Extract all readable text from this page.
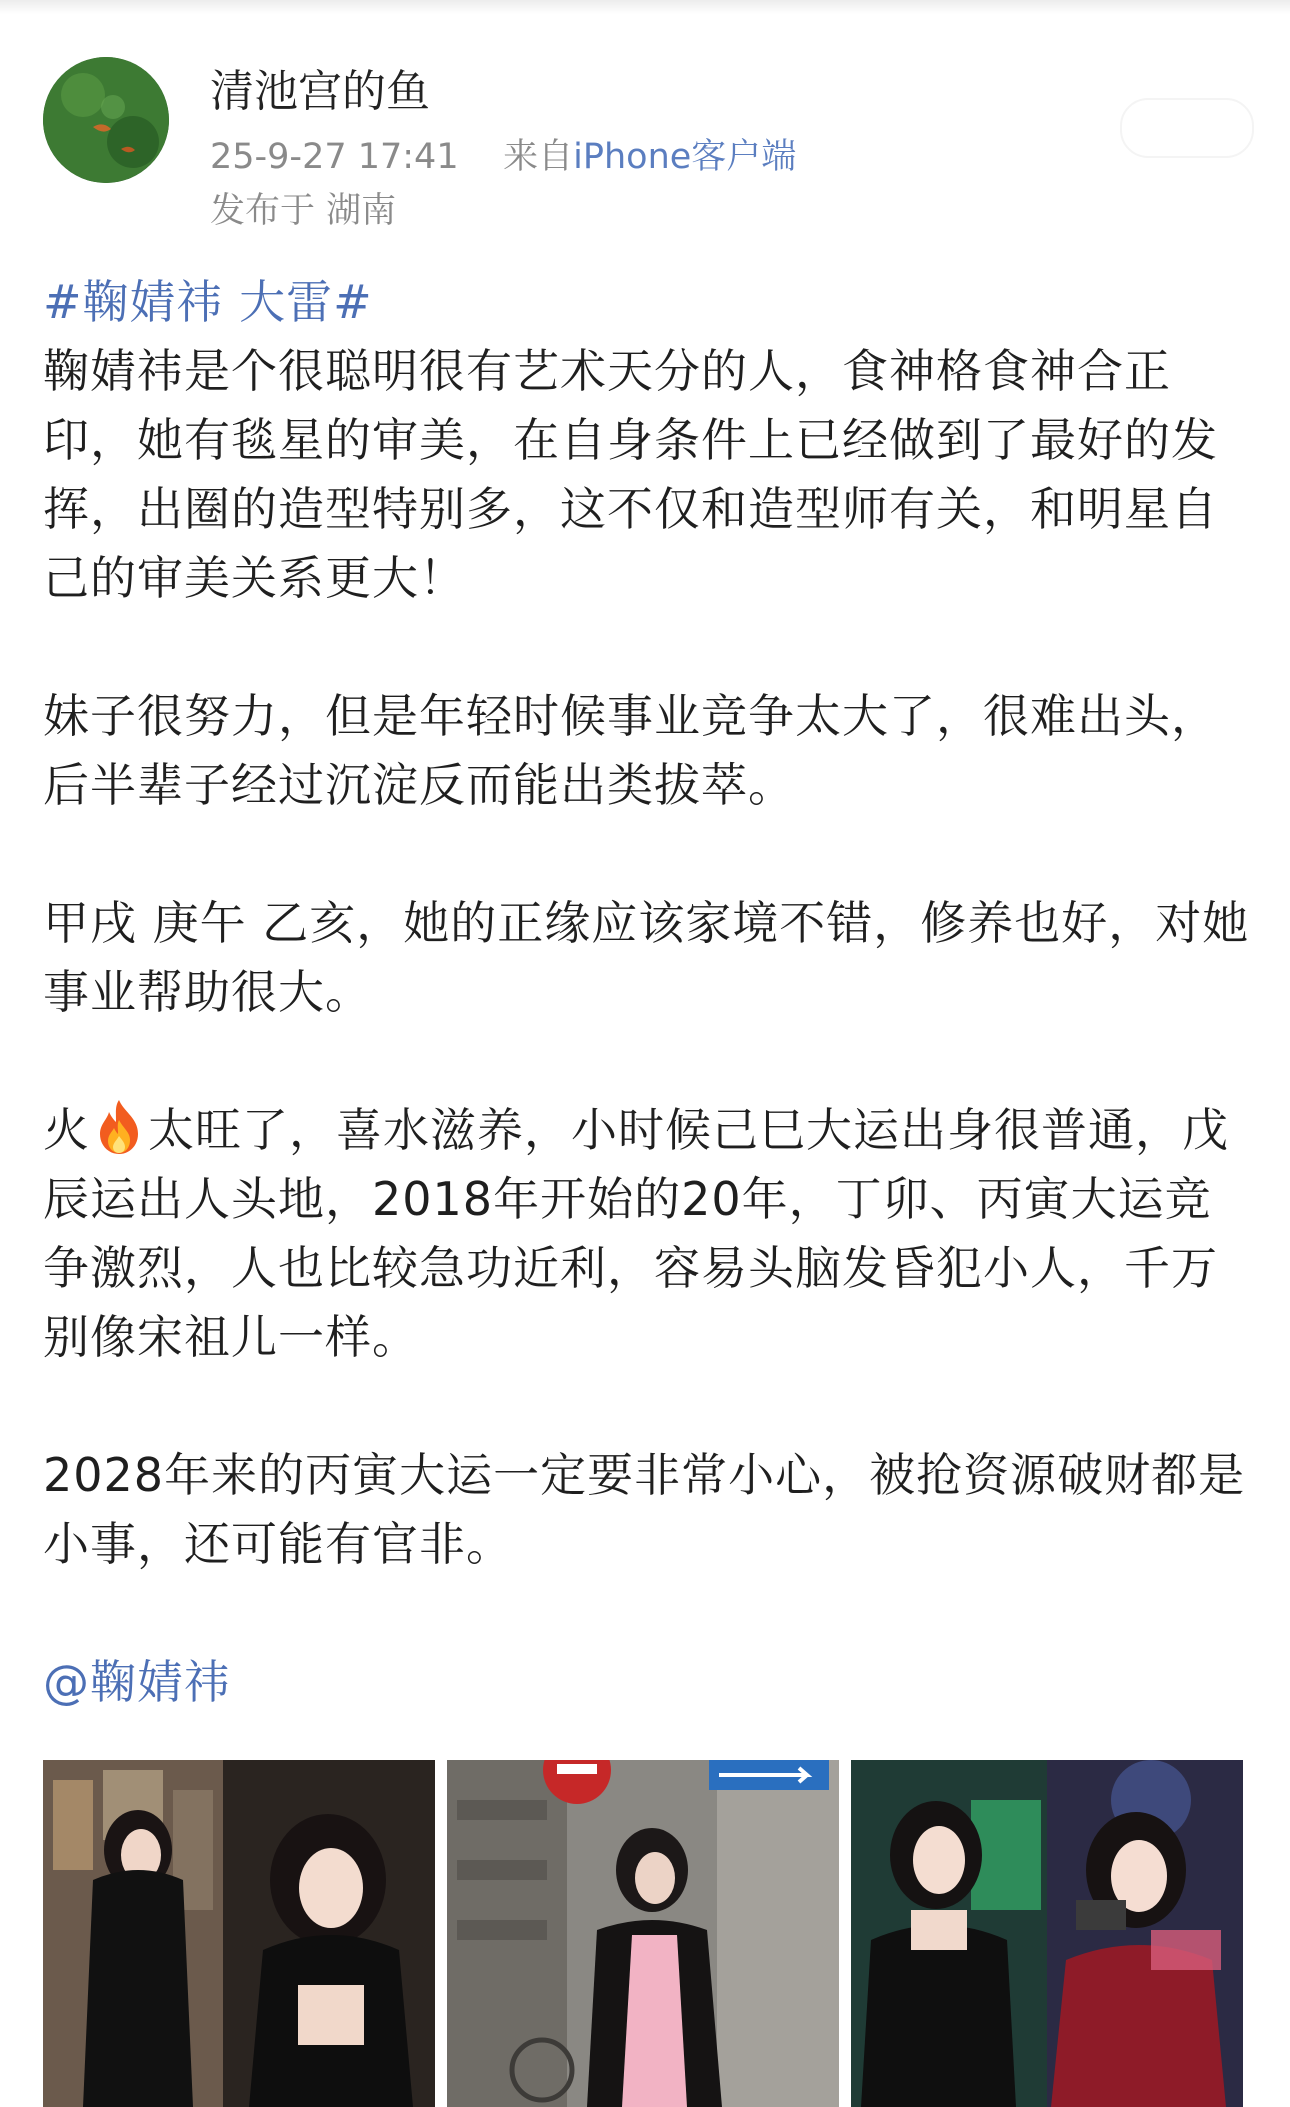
清池宫的鱼
25-9-27 17:41 来自iPhone客户端
发布于 湖南

#鞠婧祎 大雷#

鞠婧祎是个很聪明很有艺术天分的人，食神格食神合正印，她有毯星的审美，在自身条件上已经做到了最好的发挥，出圈的造型特别多，这不仅和造型师有关，和明星自己的审美关系更大！

妹子很努力，但是年轻时候事业竞争太大了，很难出头，后半辈子经过沉淀反而能出类拔萃。

甲戌 庚午 乙亥，她的正缘应该家境不错，修养也好，对她事业帮助很大。

火 太旺了，喜水滋养，小时候己巳大运出身很普通，戊辰运出人头地，2018年开始的20年，丁卯、丙寅大运竞争激烈，人也比较急功近利，容易头脑发昏犯小人，千万别像宋祖儿一样。

2028年来的丙寅大运一定要非常小心，被抢资源破财都是小事，还可能有官非。

@鞠婧祎
